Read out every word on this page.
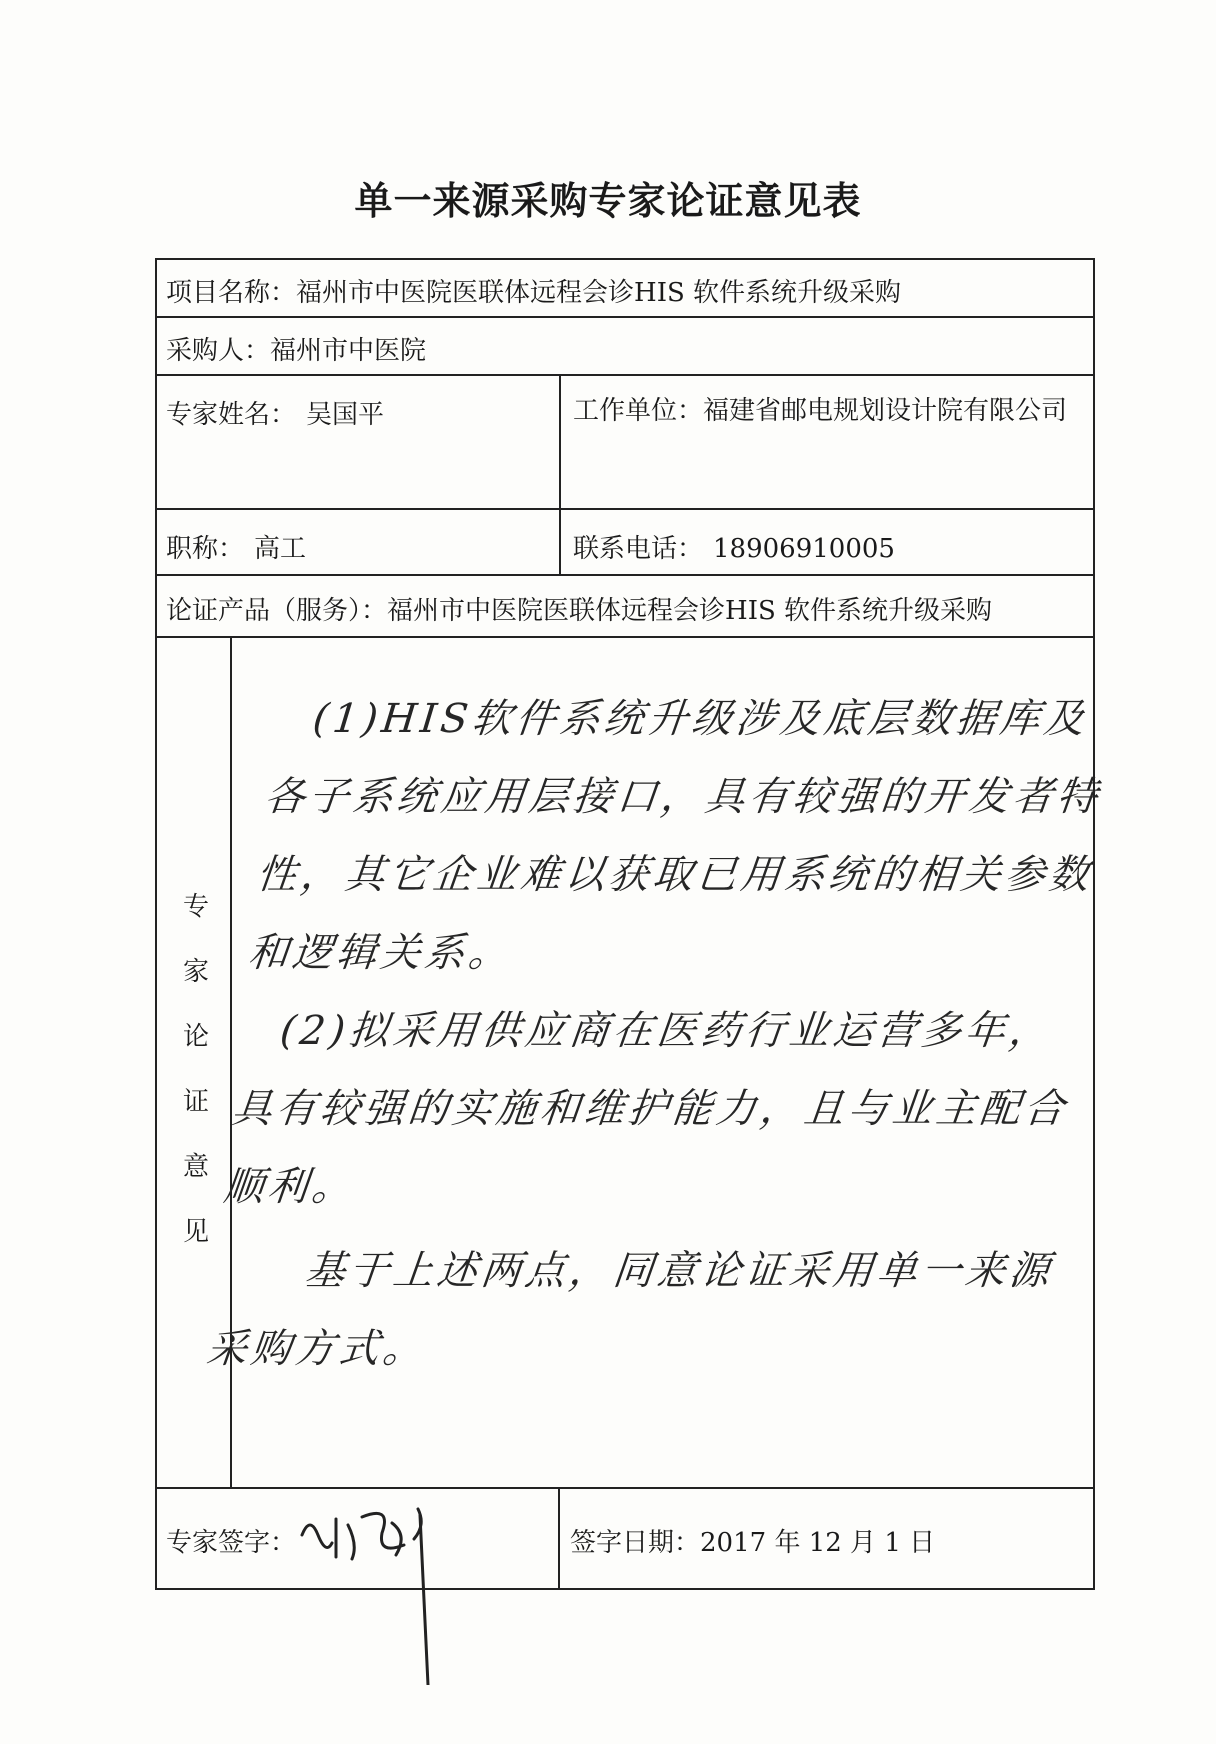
单一来源采购专家论证意见表
项目名称：福州市中医院医联体远程会诊HIS 软件系统升级采购
采购人：福州市中医院
专家姓名： 吴国平	工作单位：福建省邮电规划设计院有限公司
职称： 高工	联系电话： 18906910005
论证产品（服务）：福州市中医院医联体远程会诊HIS 软件系统升级采购
专
家
论
证
意
见

(1)HIS软件系统升级涉及底层数据库及各子系统应用层接口，具有较强的开发者特性，其它企业难以获取已用系统的相关参数和逻辑关系。

(2)拟采用供应商在医药行业运营多年，具有较强的实施和维护能力，且与业主配合顺利。

基于上述两点，同意论证采用单一来源采购方式。

专家签字：	签字日期：2017 年 12 月 1 日
